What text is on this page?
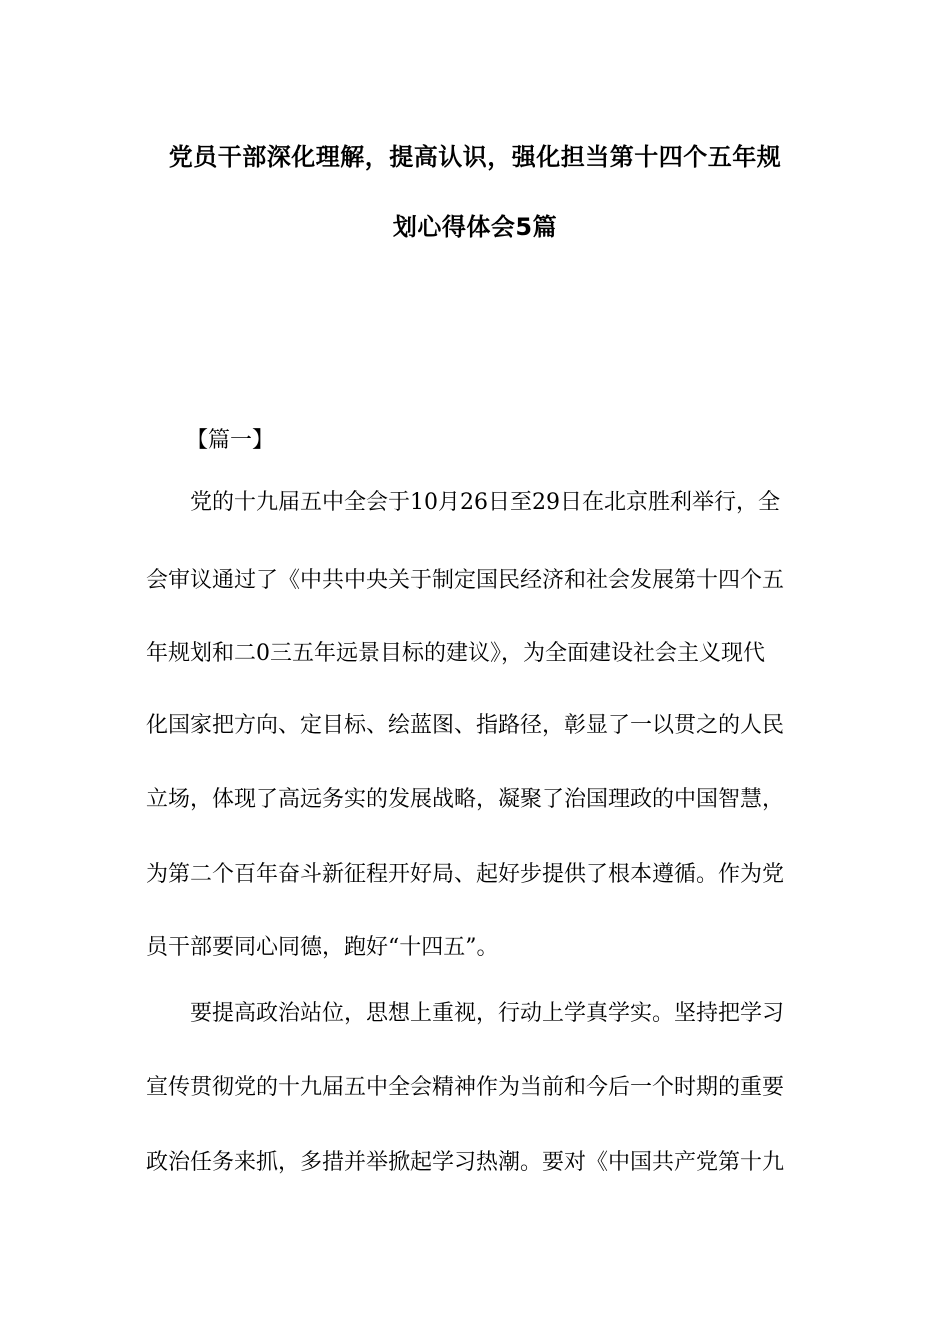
党员干部深化理解，提高认识，强化担当第十四个五年规
划心得体会5篇
【篇一】
党的十九届五中全会于10月26日至29日在北京胜利举行，全
会审议通过了《中共中央关于制定国民经济和社会发展第十四个五
年规划和二0三五年远景目标的建议》，为全面建设社会主义现代
化国家把方向、定目标、绘蓝图、指路径，彰显了一以贯之的人民
立场，体现了高远务实的发展战略，凝聚了治国理政的中国智慧，
为第二个百年奋斗新征程开好局、起好步提供了根本遵循。作为党
员干部要同心同德，跑好“十四五”。
要提高政治站位，思想上重视，行动上学真学实。坚持把学习
宣传贯彻党的十九届五中全会精神作为当前和今后一个时期的重要
政治任务来抓，多措并举掀起学习热潮。要对《中国共产党第十九
